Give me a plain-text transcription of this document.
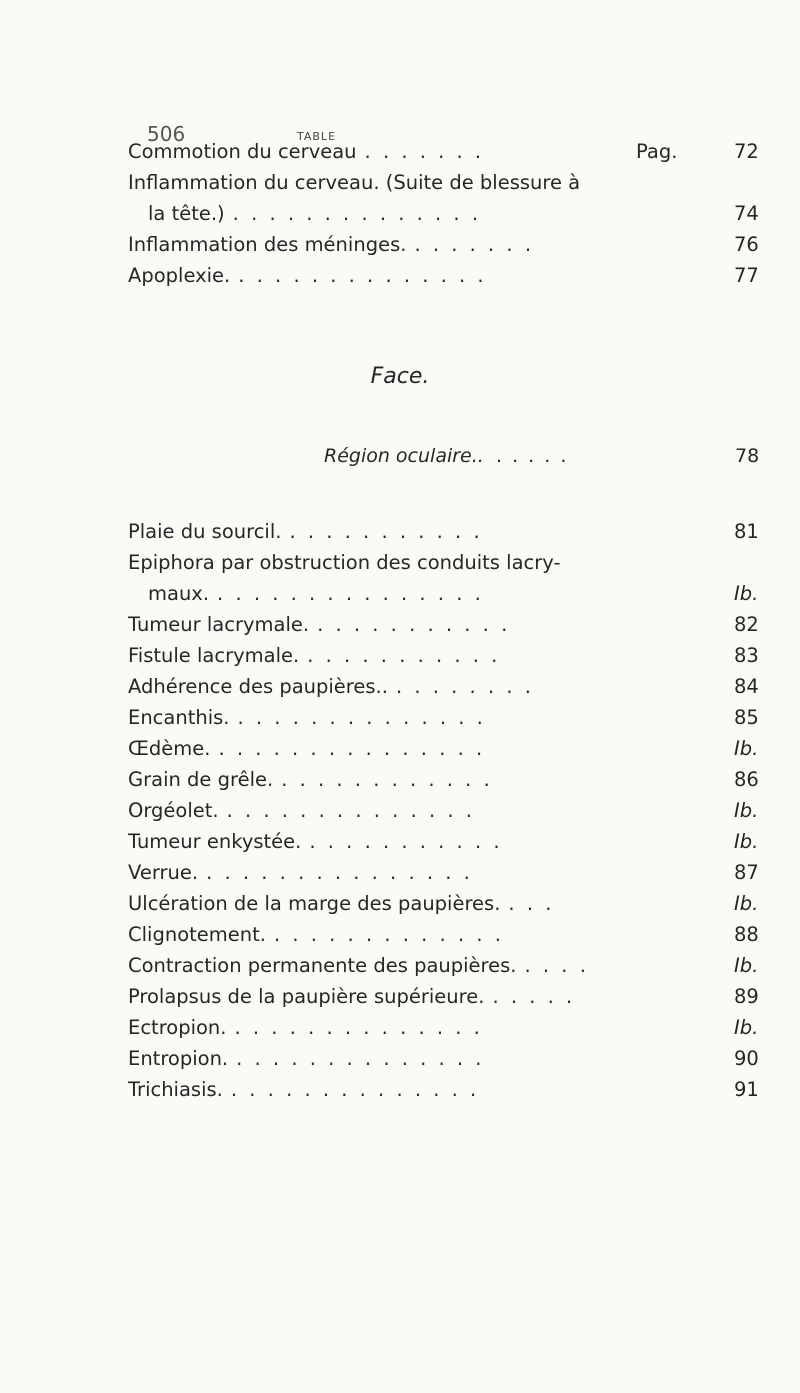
506	TABLE
Commotion du cerveau . . . . . . .	Pag.	72
Inflammation du cerveau. (Suite de blessure à
la tête.) . . . . . . . . . . . . . .	74
Inflammation des méninges. . . . . . . .	76
Apoplexie. . . . . . . . . . . . . . .	77
Face.
Région oculaire.. . . . . .	78
Plaie du sourcil. . . . . . . . . . . .	81
Epiphora par obstruction des conduits lacry-
maux. . . . . . . . . . . . . . . .	Ib.
Tumeur lacrymale. . . . . . . . . . . .	82
Fistule lacrymale. . . . . . . . . . . .	83
Adhérence des paupières.. . . . . . . . .	84
Encanthis. . . . . . . . . . . . . . .	85
Œdème. . . . . . . . . . . . . . . .	Ib.
Grain de grêle. . . . . . . . . . . . .	86
Orgéolet. . . . . . . . . . . . . . .	Ib.
Tumeur enkystée. . . . . . . . . . . .	Ib.
Verrue. . . . . . . . . . . . . . . .	87
Ulcération de la marge des paupières. . . .	Ib.
Clignotement. . . . . . . . . . . . . .	88
Contraction permanente des paupières. . . . .	Ib.
Prolapsus de la paupière supérieure. . . . . .	89
Ectropion. . . . . . . . . . . . . . .	Ib.
Entropion. . . . . . . . . . . . . . .	90
Trichiasis. . . . . . . . . . . . . . .	91
